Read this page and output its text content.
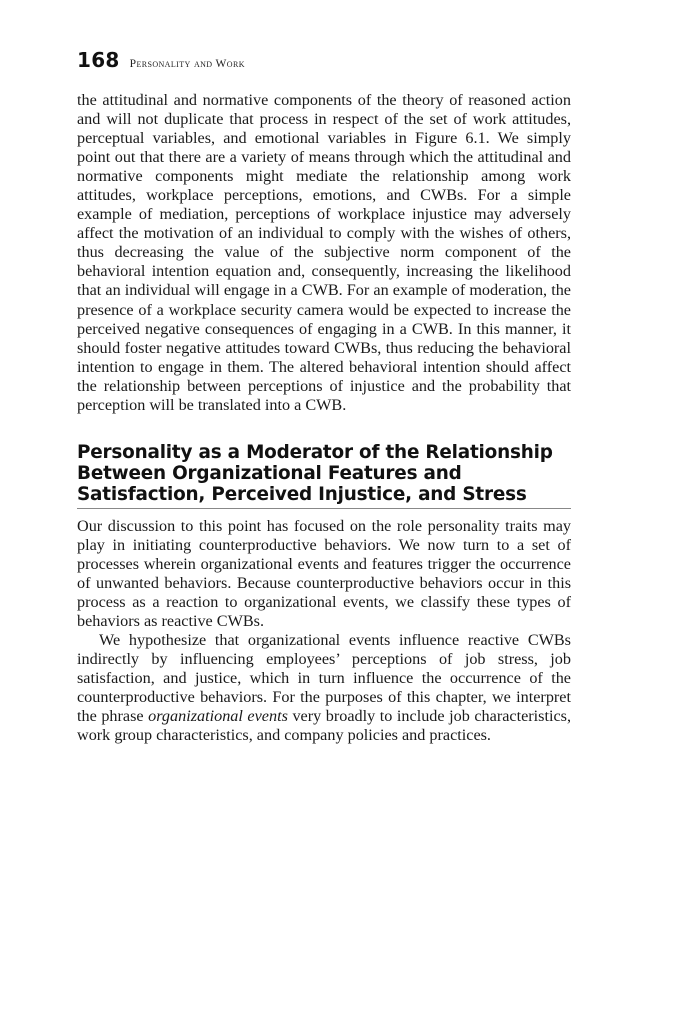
168 Personality and Work

the attitudinal and normative components of the theory of reasoned action and will not duplicate that process in respect of the set of work attitudes, perceptual variables, and emotional variables in Figure 6.1. We simply point out that there are a variety of means through which the attitudinal and normative components might mediate the relationship among work attitudes, workplace perceptions, emotions, and CWBs. For a simple example of mediation, perceptions of workplace injustice may adversely affect the motivation of an individual to comply with the wishes of others, thus decreasing the value of the subjective norm component of the behavioral intention equation and, consequently, increasing the likelihood that an individual will engage in a CWB. For an example of moderation, the presence of a workplace security camera would be expected to increase the perceived negative consequences of engaging in a CWB. In this manner, it should foster negative attitudes toward CWBs, thus reducing the behavioral intention to engage in them. The altered behavioral intention should affect the relationship between perceptions of injustice and the probability that perception will be translated into a CWB.

Personality as a Moderator of the Relationship Between Organizational Features and Satisfaction, Perceived Injustice, and Stress

Our discussion to this point has focused on the role personality traits may play in initiating counterproductive behaviors. We now turn to a set of processes wherein organizational events and features trigger the occurrence of unwanted behaviors. Because counterproductive behaviors occur in this process as a reaction to organizational events, we classify these types of behaviors as reactive CWBs.

We hypothesize that organizational events influence reactive CWBs indirectly by influencing employees’ perceptions of job stress, job satisfaction, and justice, which in turn influence the occurrence of the counterproductive behaviors. For the purposes of this chapter, we interpret the phrase organizational events very broadly to include job characteristics, work group characteristics, and company policies and practices.
